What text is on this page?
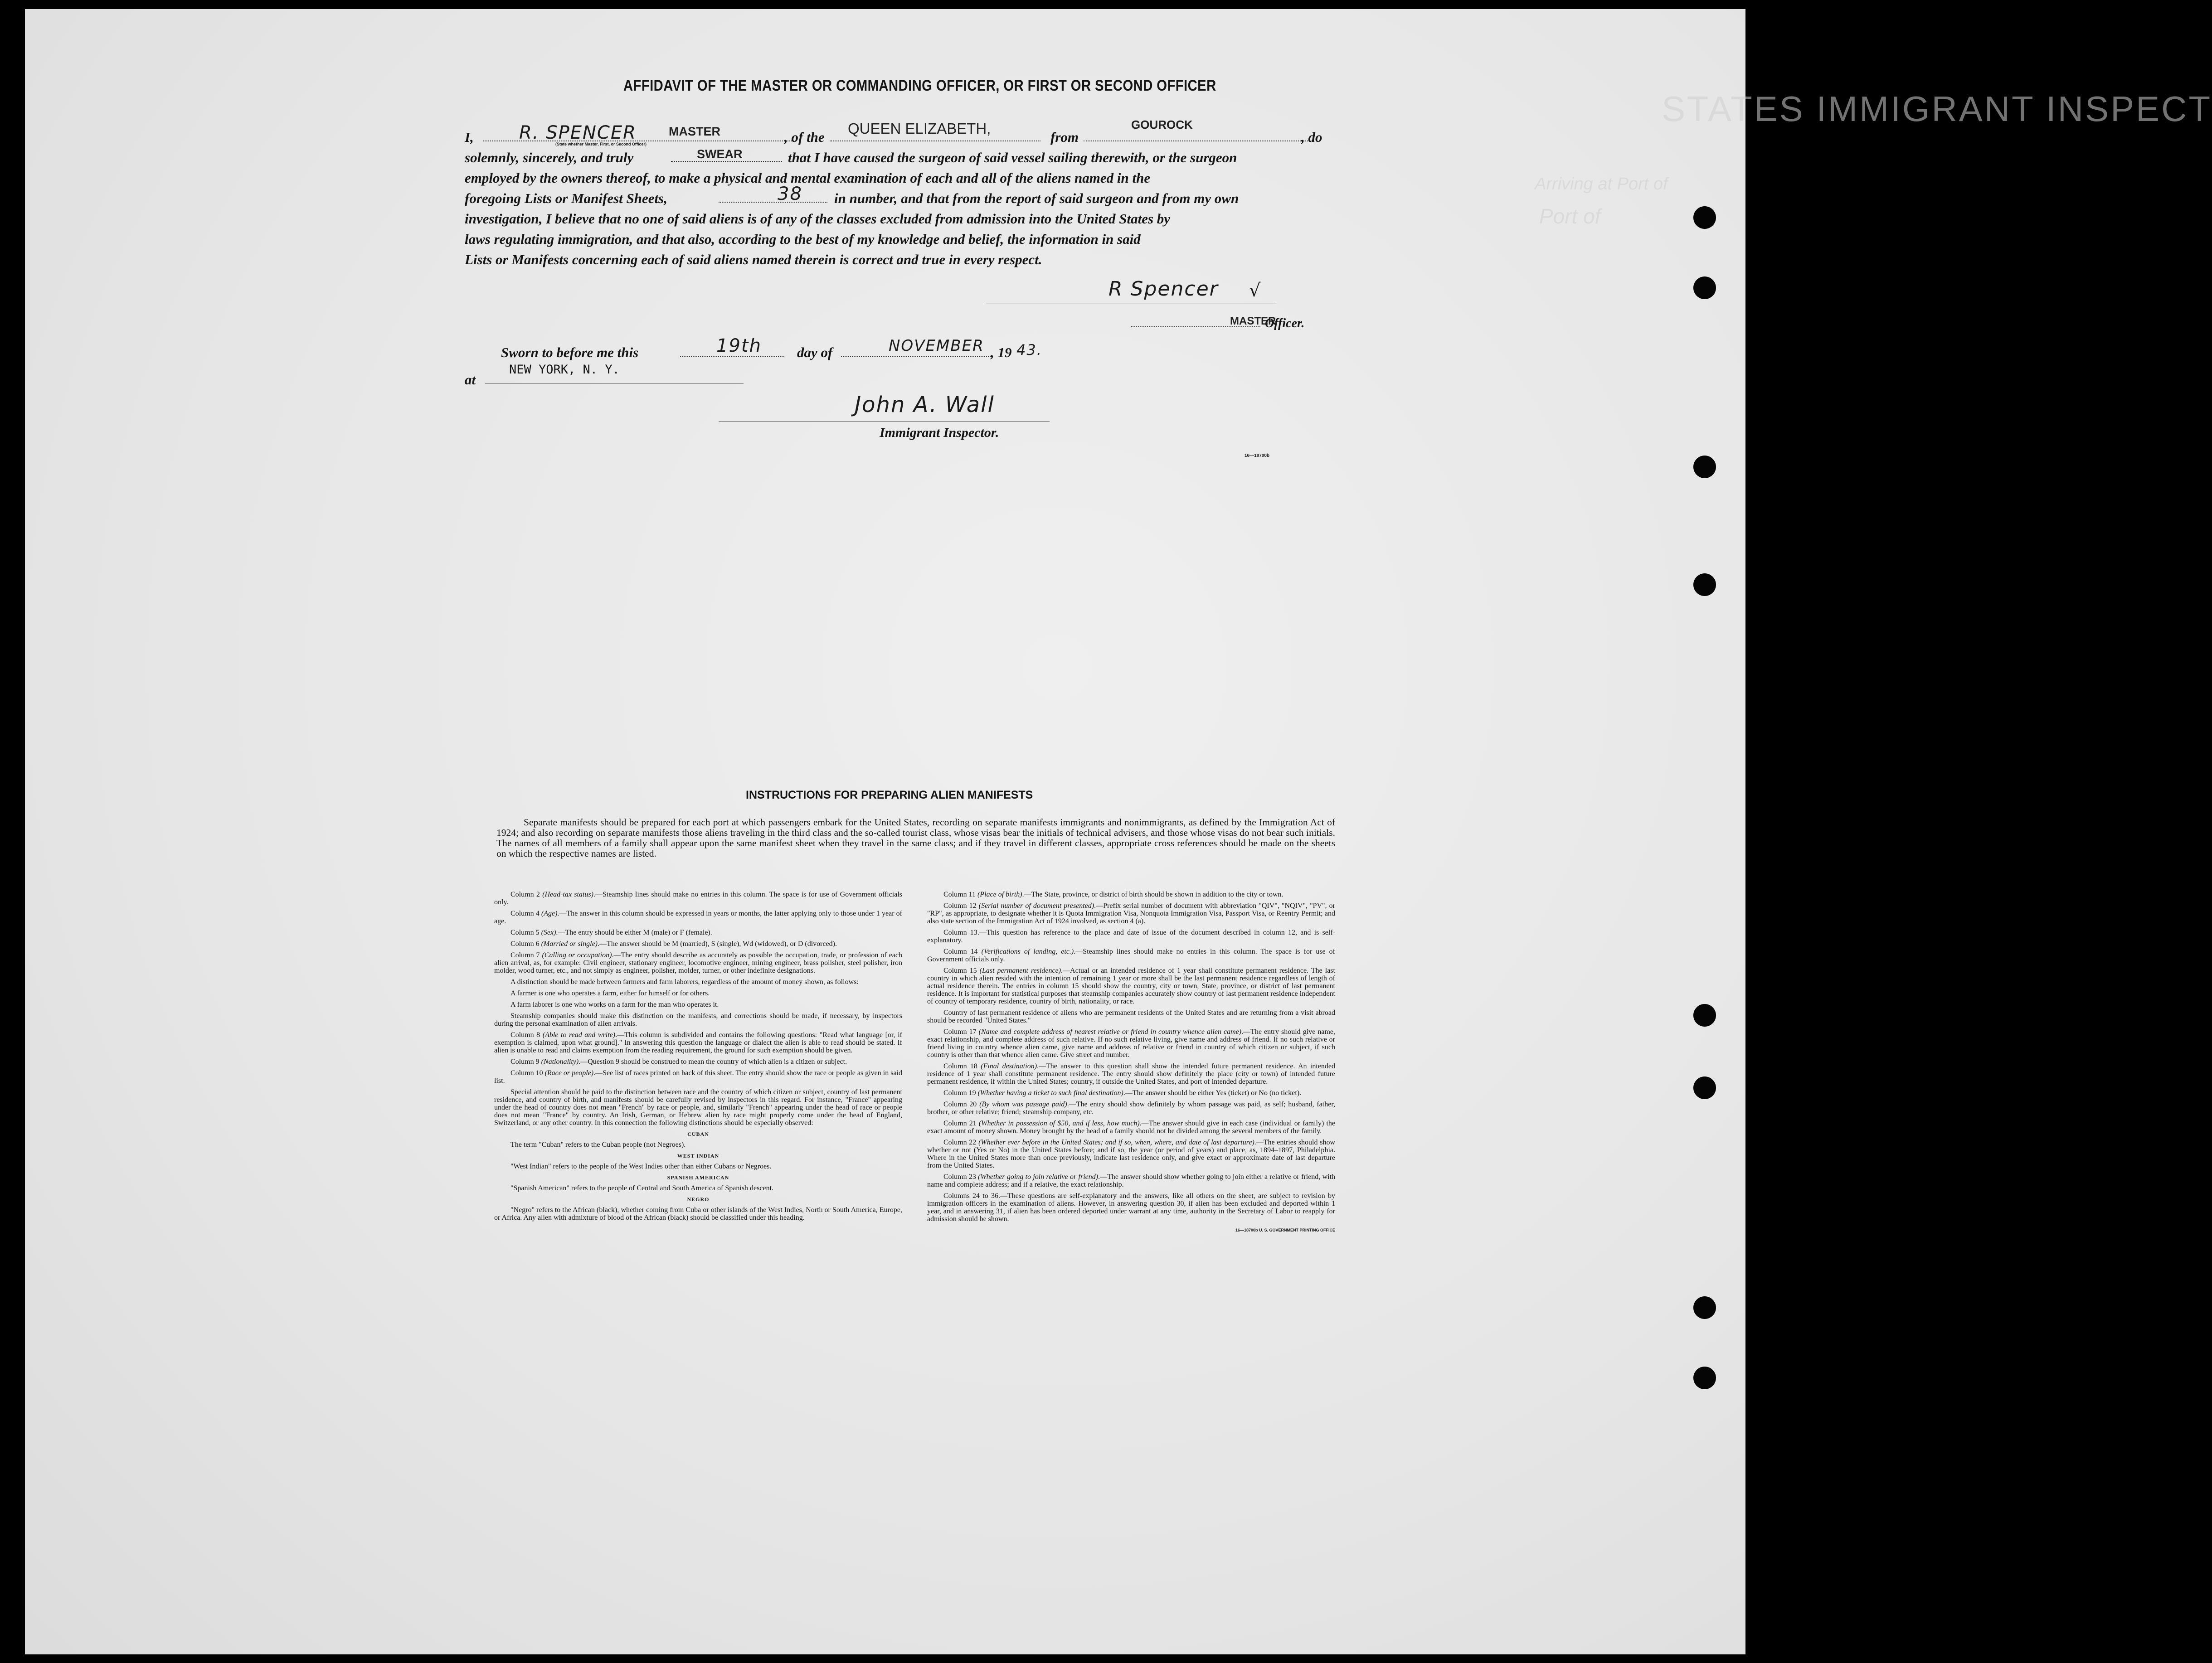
STATES IMMIGRANT INSPECT
Arriving at Port of
Port of
AFFIDAVIT OF THE MASTER OR COMMANDING OFFICER, OR FIRST OR SECOND OFFICER
I,	R. SPENCER	MASTER
(State whether Master, First, or Second Officer)	, of the
QUEEN ELIZABETH,
from
GOUROCK
, do
solemnly, sincerely, and truly	SWEAR	that I have caused the surgeon of said vessel sailing therewith, or the surgeon
employed by the owners thereof, to make a physical and mental examination of each and all of the aliens named in the
foregoing Lists or Manifest Sheets,	38 in number, and that from the report of said surgeon and from my own
investigation, I believe that no one of said aliens is of any of the classes excluded from admission into the United States by
laws regulating immigration, and that also, according to the best of my knowledge and belief, the information in said
Lists or Manifests concerning each of said aliens named therein is correct and true in every respect.
R Spencer √
MASTER
Officer.
Sworn to before me this	19th	day of	NOVEMBER , 19 43.
at
NEW YORK, N. Y.
John A. Wall
Immigrant Inspector.
16—18700b
INSTRUCTIONS FOR PREPARING ALIEN MANIFESTS
Separate manifests should be prepared for each port at which passengers embark for the United States, recording on separate manifests immigrants and nonimmigrants, as defined by the Immigration Act of 1924; and also recording on separate manifests those aliens traveling in the third class and the so-called tourist class, whose visas bear the initials of technical advisers, and those whose visas do not bear such initials. The names of all members of a family shall appear upon the same manifest sheet when they travel in the same class; and if they travel in different classes, appropriate cross references should be made on the sheets on which the respective names are listed.

Column 2 (Head-tax status).—Steamship lines should make no entries in this column. The space is for use of Government officials only.

Column 4 (Age).—The answer in this column should be expressed in years or months, the latter applying only to those under 1 year of age.

Column 5 (Sex).—The entry should be either M (male) or F (female).

Column 6 (Married or single).—The answer should be M (married), S (single), Wd (widowed), or D (divorced).

Column 7 (Calling or occupation).—The entry should describe as accurately as possible the occupation, trade, or profession of each alien arrival, as, for example: Civil engineer, stationary engineer, locomotive engineer, mining engineer, brass polisher, steel polisher, iron molder, wood turner, etc., and not simply as engineer, polisher, molder, turner, or other indefinite designations.

A distinction should be made between farmers and farm laborers, regardless of the amount of money shown, as follows:

A farmer is one who operates a farm, either for himself or for others.

A farm laborer is one who works on a farm for the man who operates it.

Steamship companies should make this distinction on the manifests, and corrections should be made, if necessary, by inspectors during the personal examination of alien arrivals.

Column 8 (Able to read and write).—This column is subdivided and contains the following questions: "Read what language [or, if exemption is claimed, upon what ground]." In answering this question the language or dialect the alien is able to read should be stated. If alien is unable to read and claims exemption from the reading requirement, the ground for such exemption should be given.

Column 9 (Nationality).—Question 9 should be construed to mean the country of which alien is a citizen or subject.

Column 10 (Race or people).—See list of races printed on back of this sheet. The entry should show the race or people as given in said list.

Special attention should be paid to the distinction between race and the country of which citizen or subject, country of last permanent residence, and country of birth, and manifests should be carefully revised by inspectors in this regard. For instance, "France" appearing under the head of country does not mean "French" by race or people, and, similarly "French" appearing under the head of race or people does not mean "France" by country. An Irish, German, or Hebrew alien by race might properly come under the head of England, Switzerland, or any other country. In this connection the following distinctions should be especially observed:

CUBAN

The term "Cuban" refers to the Cuban people (not Negroes).

WEST INDIAN

"West Indian" refers to the people of the West Indies other than either Cubans or Negroes.

SPANISH AMERICAN

"Spanish American" refers to the people of Central and South America of Spanish descent.

NEGRO

"Negro" refers to the African (black), whether coming from Cuba or other islands of the West Indies, North or South America, Europe, or Africa. Any alien with admixture of blood of the African (black) should be classified under this heading.

Column 11 (Place of birth).—The State, province, or district of birth should be shown in addition to the city or town.

Column 12 (Serial number of document presented).—Prefix serial number of document with abbreviation "QIV", "NQIV", "PV", or "RP", as appropriate, to designate whether it is Quota Immigration Visa, Nonquota Immigration Visa, Passport Visa, or Reentry Permit; and also state section of the Immigration Act of 1924 involved, as section 4 (a).

Column 13.—This question has reference to the place and date of issue of the document described in column 12, and is self-explanatory.

Column 14 (Verifications of landing, etc.).—Steamship lines should make no entries in this column. The space is for use of Government officials only.

Column 15 (Last permanent residence).—Actual or an intended residence of 1 year shall constitute permanent residence. The last country in which alien resided with the intention of remaining 1 year or more shall be the last permanent residence regardless of length of actual residence therein. The entries in column 15 should show the country, city or town, State, province, or district of last permanent residence. It is important for statistical purposes that steamship companies accurately show country of last permanent residence independent of country of temporary residence, country of birth, nationality, or race.

Country of last permanent residence of aliens who are permanent residents of the United States and are returning from a visit abroad should be recorded "United States."

Column 17 (Name and complete address of nearest relative or friend in country whence alien came).—The entry should give name, exact relationship, and complete address of such relative. If no such relative living, give name and address of friend. If no such relative or friend living in country whence alien came, give name and address of relative or friend in country of which citizen or subject, if such country is other than that whence alien came. Give street and number.

Column 18 (Final destination).—The answer to this question shall show the intended future permanent residence. An intended residence of 1 year shall constitute permanent residence. The entry should show definitely the place (city or town) of intended future permanent residence, if within the United States; country, if outside the United States, and port of intended departure.

Column 19 (Whether having a ticket to such final destination).—The answer should be either Yes (ticket) or No (no ticket).

Column 20 (By whom was passage paid).—The entry should show definitely by whom passage was paid, as self; husband, father, brother, or other relative; friend; steamship company, etc.

Column 21 (Whether in possession of $50, and if less, how much).—The answer should give in each case (individual or family) the exact amount of money shown. Money brought by the head of a family should not be divided among the several members of the family.

Column 22 (Whether ever before in the United States; and if so, when, where, and date of last departure).—The entries should show whether or not (Yes or No) in the United States before; and if so, the year (or period of years) and place, as, 1894–1897, Philadelphia. Where in the United States more than once previously, indicate last residence only, and give exact or approximate date of last departure from the United States.

Column 23 (Whether going to join relative or friend).—The answer should show whether going to join either a relative or friend, with name and complete address; and if a relative, the exact relationship.

Columns 24 to 36.—These questions are self-explanatory and the answers, like all others on the sheet, are subject to revision by immigration officers in the examination of aliens. However, in answering question 30, if alien has been excluded and deported within 1 year, and in answering 31, if alien has been ordered deported under warrant at any time, authority in the Secretary of Labor to reapply for admission should be shown.

16—18700b U. S. GOVERNMENT PRINTING OFFICE
